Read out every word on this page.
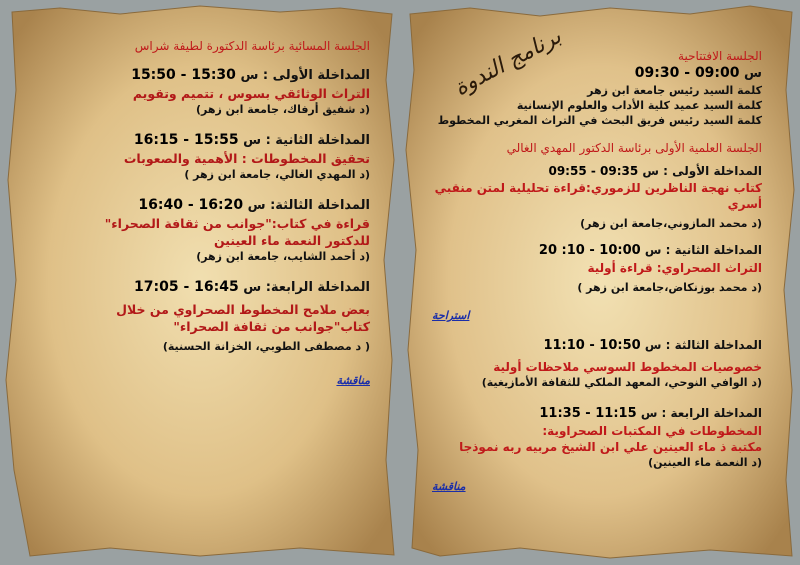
الجلسة المسائية برئاسة الدكتورة لطيفة شراس

المداخلة الأولى : س 15:30 - 15:50

التراث الوثائقي بسوس ، تتميم وتقويم

(د شفيق أرفاك، جامعة ابن زهر)

المداخلة الثانية : س 15:55 - 16:15

تحقيق المخطوطات : الأهمية والصعوبات

(د المهدي الغالي، جامعة ابن زهر )

المداخلة الثالثة: س 16:20 - 16:40

قراءة في كتاب:"جوانب من ثقافة الصحراء"

للدكتور النعمة ماء العينين

(د أحمد الشايب، جامعة ابن زهر)

المداخلة الرابعة: س 16:45 - 17:05

بعض ملامح المخطوط الصحراوي من خلال

كتاب"جوانب من ثقافة الصحراء"

( د مصطفى الطوبي، الخزانة الحسنية)

مناقشة

برنامج الندوة	الجلسة الافتتاحية

س 09:00 - 09:30

كلمة السيد رئيس جامعة ابن زهر

كلمة السيد عميد كلية الأداب والعلوم الإنسانية

كلمة السيد رئيس فريق البحث في التراث المغربي المخطوط

الجلسة العلمية الأولى برئاسة الدكتور المهدي الغالي

المداخلة الأولى : س 09:35 - 09:55

كتاب نهجة الناظرين للزموري:قراءة تحليلية لمتن منقبي أسري

(د محمد المازوني،جامعة ابن زهر)

المداخلة الثانية : س 10:00 - 10: 20

التراث الصحراوي: قراءة أولية

(د محمد بوزنكاض،جامعة ابن زهر )

استراحة

المداخلة الثالثة : س 10:50 - 11:10

خصوصيات المخطوط السوسي ملاحظات أولية

(د الوافي النوحي، المعهد الملكي للثقافة الأمازيغية)

المداخلة الرابعة : س 11:15 - 11:35

المخطوطات في المكتبات الصحراوية:

مكتبة ذ ماء العينين علي ابن الشيخ مربيه ربه نموذجا

(د النعمة ماء العينين)

مناقشة
